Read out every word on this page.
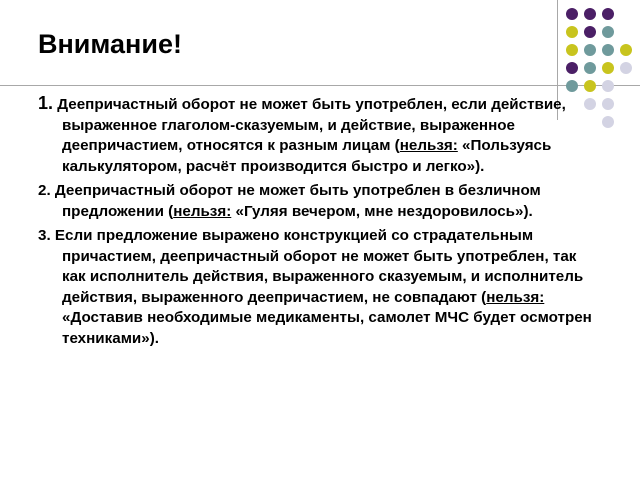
Внимание!

1. Деепричастный оборот не может быть употреблен, если действие, выраженное глаголом-сказуемым, и действие, выраженное деепричастием, относятся к разным лицам (нельзя: «Пользуясь калькулятором, расчёт производится быстро и легко»).

2. Деепричастный оборот не может быть употреблен в безличном предложении (нельзя: «Гуляя вечером, мне нездоровилось»).

3. Если предложение выражено конструкцией со страдательным причастием, деепричастный оборот не может быть употреблен, так как исполнитель действия, выраженного сказуемым, и исполнитель действия, выраженного деепричастием, не совпадают (нельзя: «Доставив необходимые медикаменты, самолет МЧС будет осмотрен техниками»).
